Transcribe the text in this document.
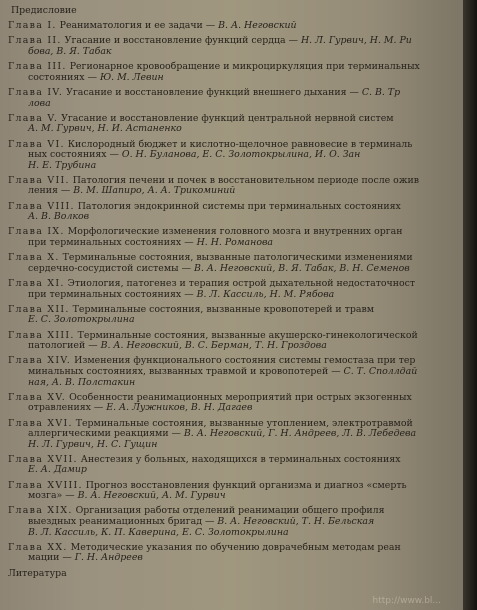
Предисловие
Глава I. Реаниматология и ее задачи — В. А. Неговский
Глава II. Угасание и восстановление функций сердца — Н. Л. Гурвич, Н. М. Ри
бова, В. Я. Табак
Глава III. Регионарное кровообращение и микроциркуляция при терминальных
состояниях — Ю. М. Левин
Глава IV. Угасание и восстановление функций внешнего дыхания — С. В. Тр
лова
Глава V. Угасание и восстановление функций центральной нервной систем
А. М. Гурвич, Н. И. Астаненко
Глава VI. Кислородный бюджет и кислотно-щелочное равновесие в терминаль
ных состояниях — О. Н. Буланова, Е. С. Золотокрылина, И. О. Зан
Н. Е. Трубина
Глава VII. Патология печени и почек в восстановительном периоде после ожив
ления — В. М. Шапиро, А. А. Трикоминий
Глава VIII. Патология эндокринной системы при терминальных состояниях
А. В. Волков
Глава IX. Морфологические изменения головного мозга и внутренних орган
при терминальных состояниях — Н. Н. Романова
Глава X. Терминальные состояния, вызванные патологическими изменениями
сердечно-сосудистой системы — В. А. Неговский, В. Я. Табак, В. Н. Семенов
Глава XI. Этиология, патогенез и терапия острой дыхательной недостаточност
при терминальных состояниях — В. Л. Кассиль, Н. М. Рябова
Глава XII. Терминальные состояния, вызванные кровопотерей и травм
Е. С. Золотокрылина
Глава XIII. Терминальные состояния, вызванные акушерско-гинекологической
патологией — В. А. Неговский, В. С. Берман, Т. Н. Гроздова
Глава XIV. Изменения функционального состояния системы гемостаза при тер
минальных состояниях, вызванных травмой и кровопотерей — С. Т. Споллдай
ная, А. В. Полстакин
Глава XV. Особенности реанимационных мероприятий при острых экзогенных
отравлениях — Е. А. Лужников, В. Н. Дагаев
Глава XVI. Терминальные состояния, вызванные утоплением, электротравмой
аллергическими реакциями — В. А. Неговский, Г. Н. Андреев, Л. В. Лебедева
Н. Л. Гурвич, Н. С. Гущин
Глава XVII. Анестезия у больных, находящихся в терминальных состояниях
Е. А. Дамир
Глава XVIII. Прогноз восстановления функций организма и диагноз «смерть
мозга» — В. А. Неговский, А. М. Гурвич
Глава XIX. Организация работы отделений реанимации общего профиля
выездных реанимационных бригад — В. А. Неговский, Т. Н. Бельская
В. Л. Кассиль, К. П. Каверина, Е. С. Золотокрылина
Глава XX. Методические указания по обучению доврачебным методам реан
мации — Г. Н. Андреев
Литература
http://www.bl...
